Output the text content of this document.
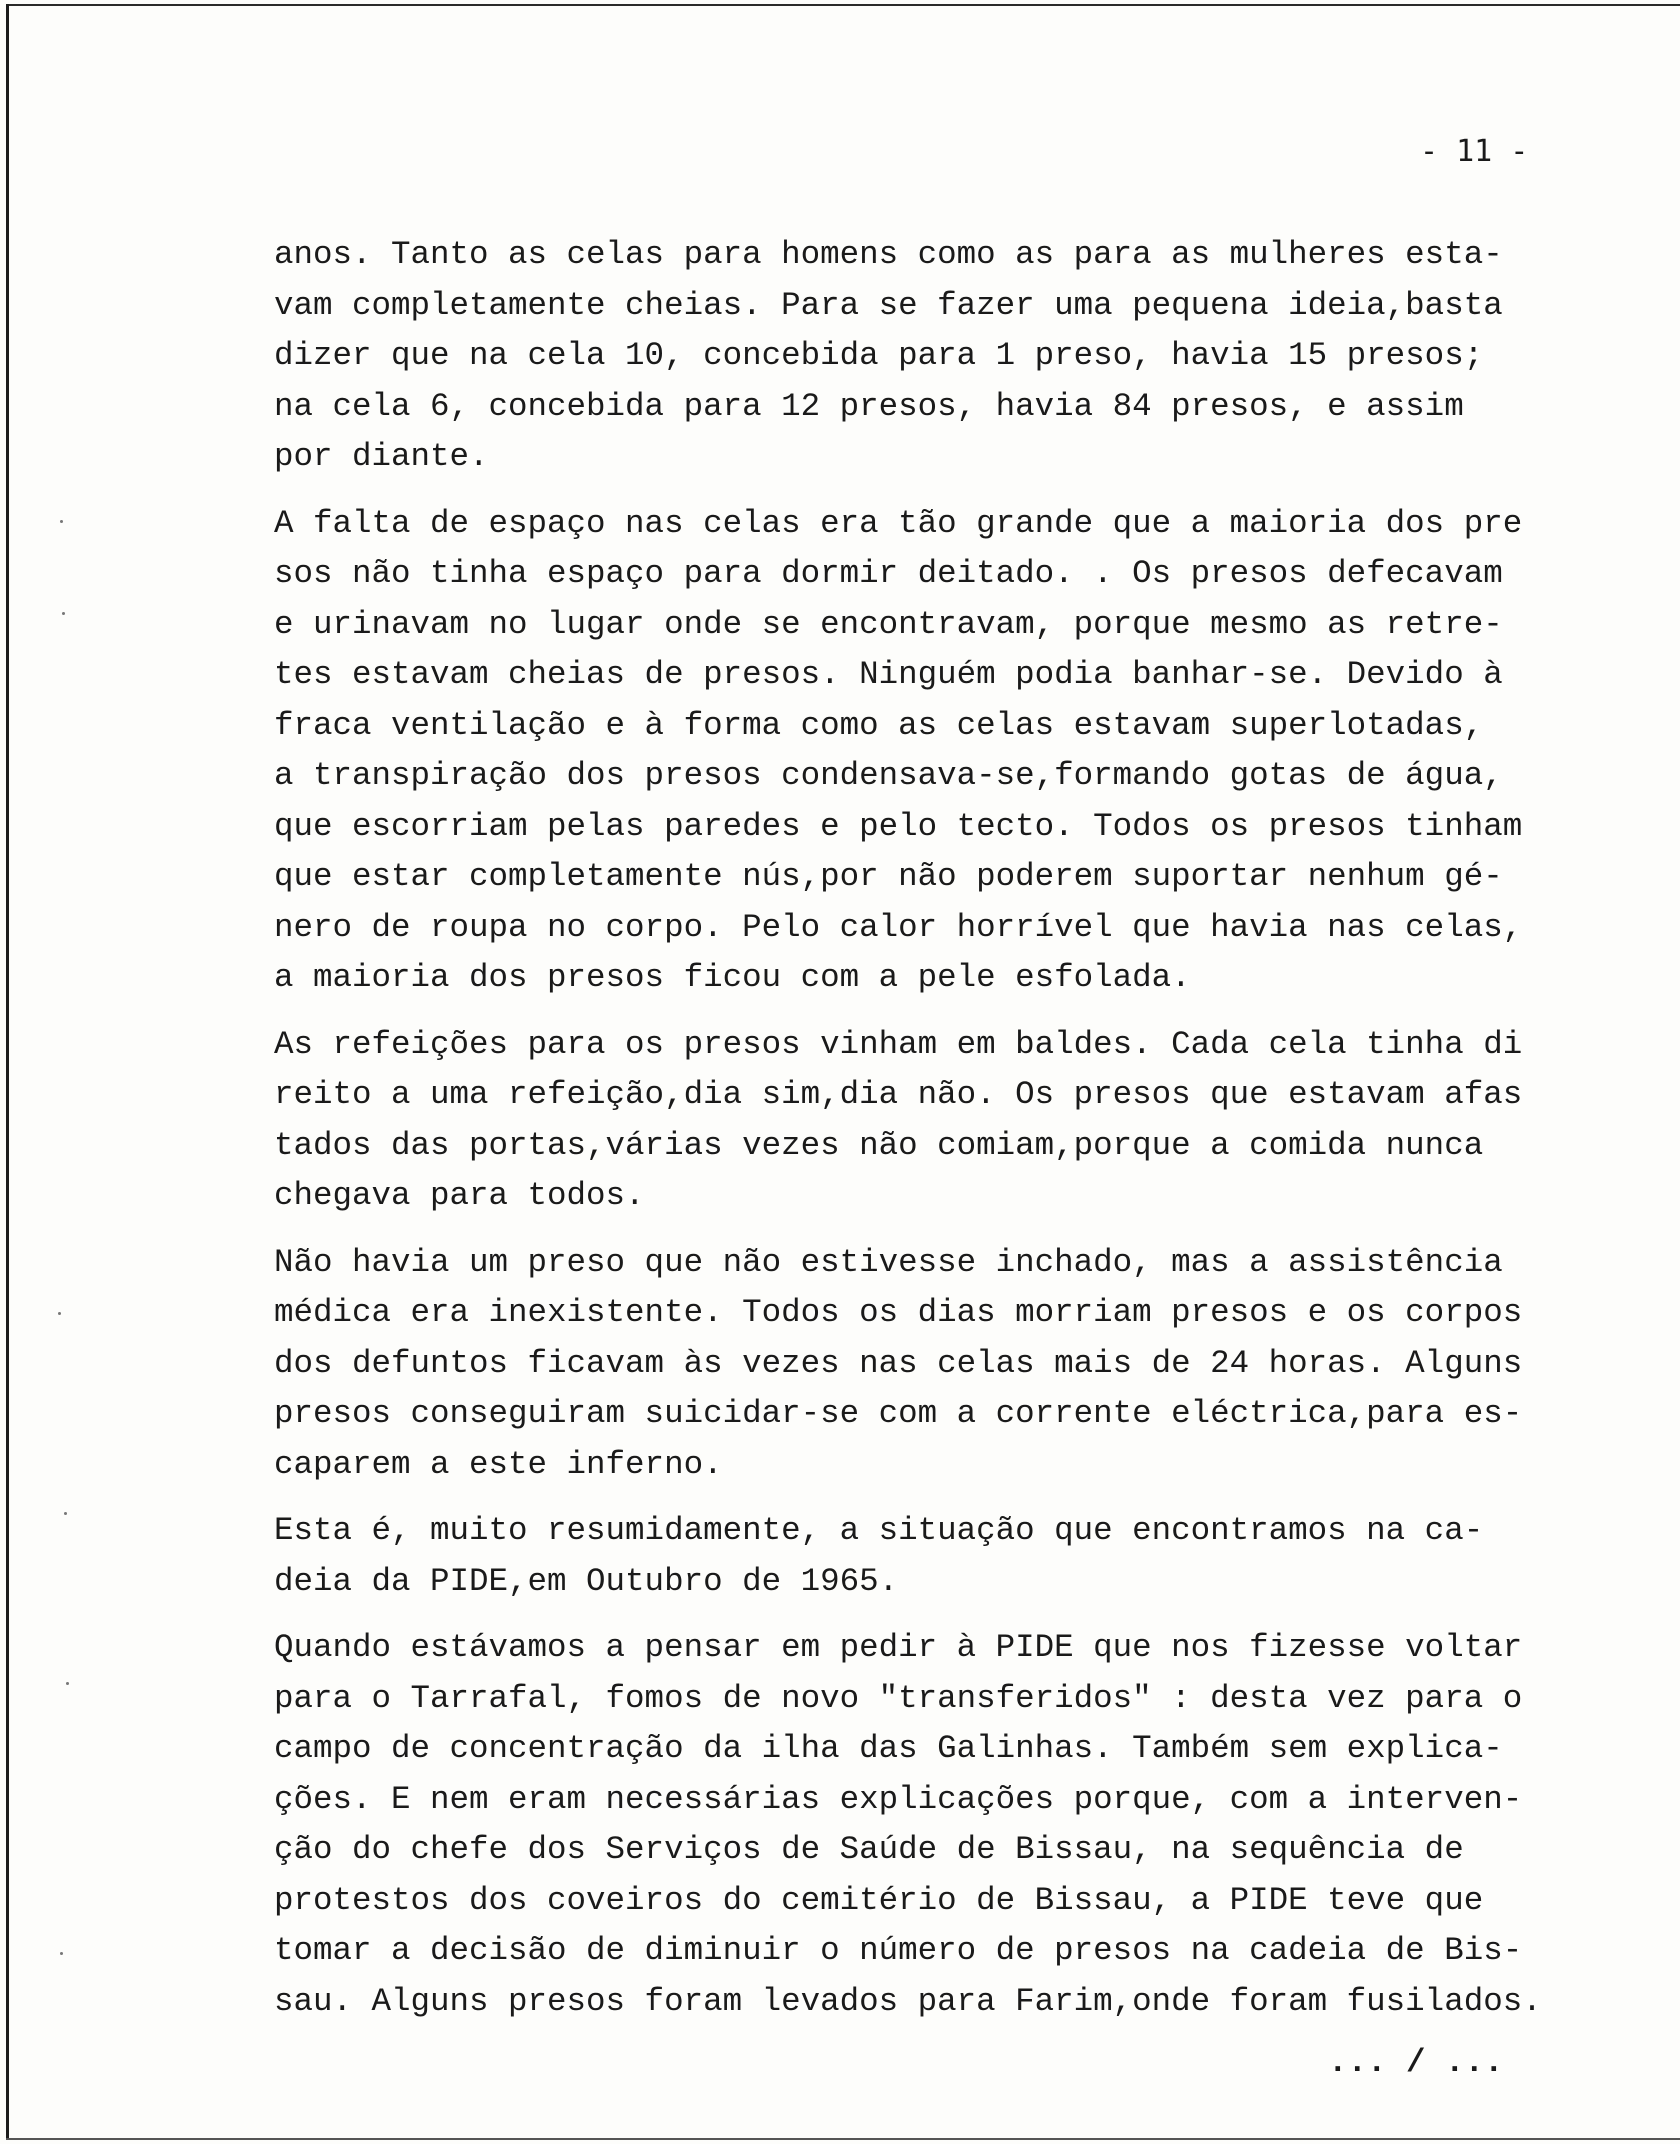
- 11 -
anos. Tanto as celas para homens como as para as mulheres esta-
vam completamente cheias. Para se fazer uma pequena ideia,basta
dizer que na cela 10, concebida para 1 preso, havia 15 presos;
na cela 6, concebida para 12 presos, havia 84 presos, e assim
por diante.
A falta de espaço nas celas era tão grande que a maioria dos pre
sos não tinha espaço para dormir deitado. . Os presos defecavam
e urinavam no lugar onde se encontravam, porque mesmo as retre-
tes estavam cheias de presos. Ninguém podia banhar-se. Devido à
fraca ventilação e à forma como as celas estavam superlotadas,
a transpiração dos presos condensava-se,formando gotas de água,
que escorriam pelas paredes e pelo tecto. Todos os presos tinham
que estar completamente nús,por não poderem suportar nenhum gé-
nero de roupa no corpo. Pelo calor horrível que havia nas celas,
a maioria dos presos ficou com a pele esfolada.
As refeições para os presos vinham em baldes. Cada cela tinha di
reito a uma refeição,dia sim,dia não. Os presos que estavam afas
tados das portas,várias vezes não comiam,porque a comida nunca
chegava para todos.
Não havia um preso que não estivesse inchado, mas a assistência
médica era inexistente. Todos os dias morriam presos e os corpos
dos defuntos ficavam às vezes nas celas mais de 24 horas. Alguns
presos conseguiram suicidar-se com a corrente eléctrica,para es-
caparem a este inferno.
Esta é, muito resumidamente, a situação que encontramos na ca-
deia da PIDE,em Outubro de 1965.
Quando estávamos a pensar em pedir à PIDE que nos fizesse voltar
para o Tarrafal, fomos de novo "transferidos" : desta vez para o
campo de concentração da ilha das Galinhas. Também sem explica-
ções. E nem eram necessárias explicações porque, com a interven-
ção do chefe dos Serviços de Saúde de Bissau, na sequência de
protestos dos coveiros do cemitério de Bissau, a PIDE teve que
tomar a decisão de diminuir o número de presos na cadeia de Bis-
sau. Alguns presos foram levados para Farim,onde foram fusilados.
... / ...
